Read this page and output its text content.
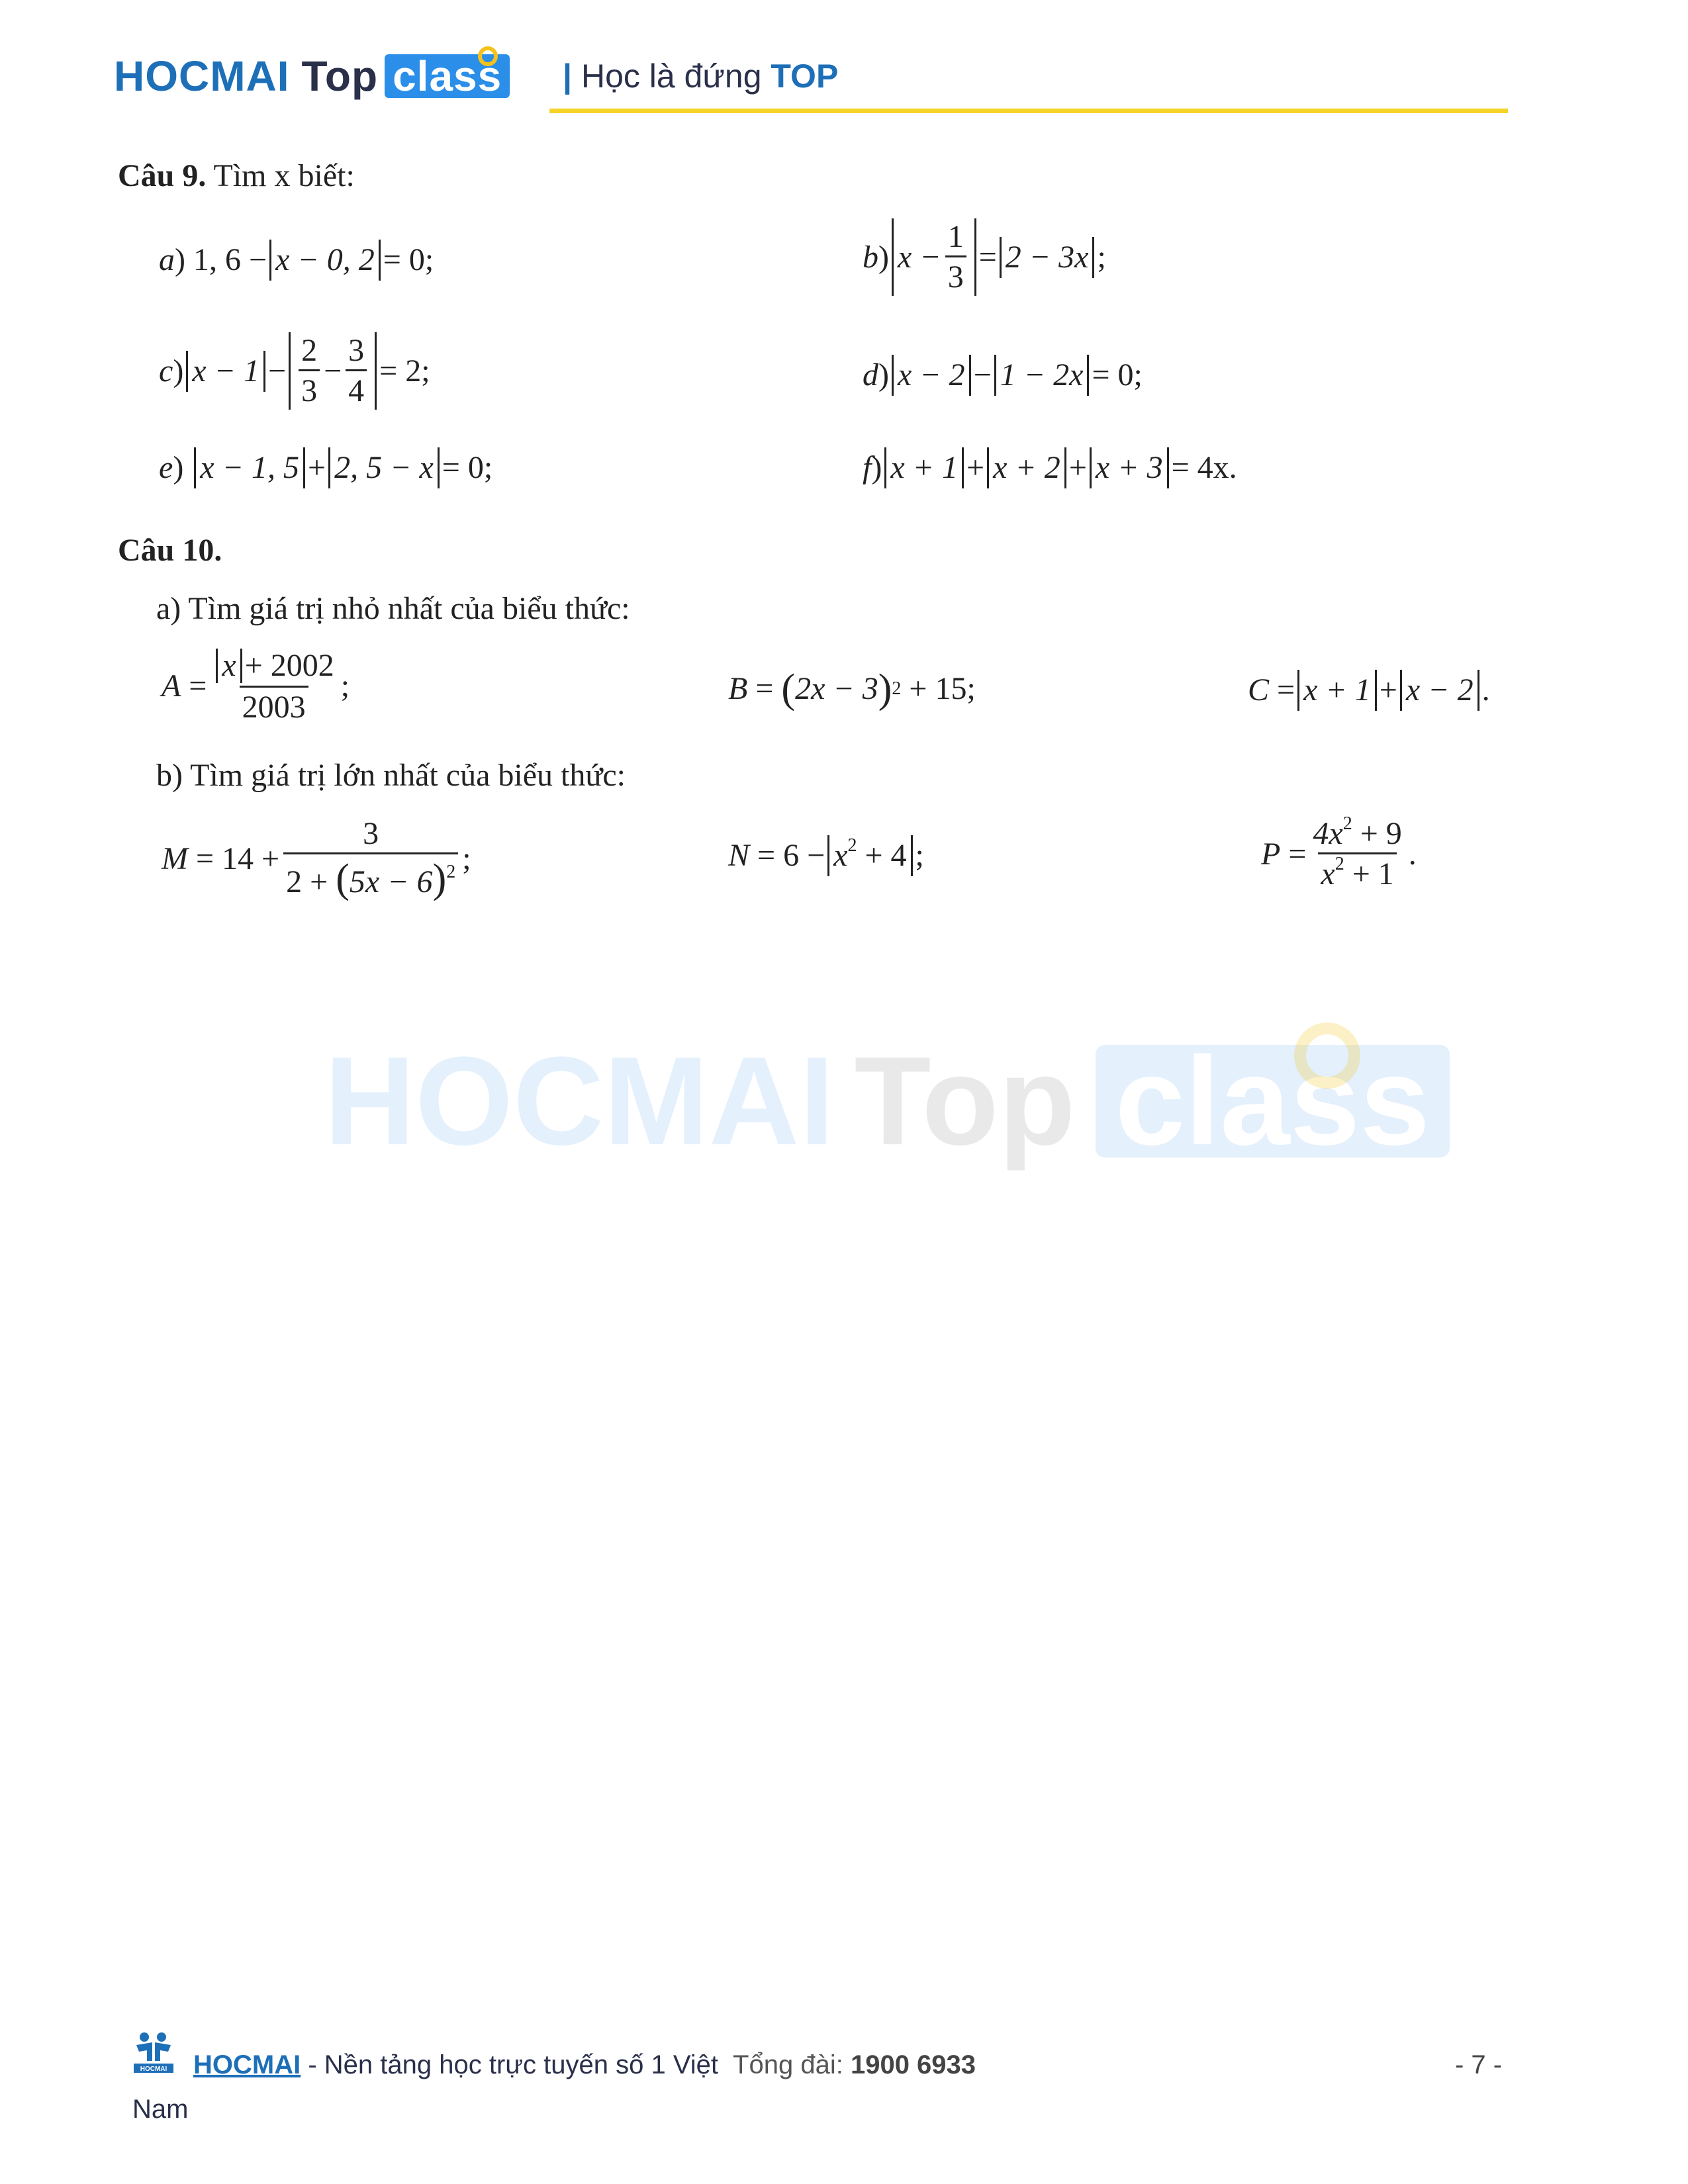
HOCMAI Top class | Học là đứng TOP
HOCMAI Top class
Câu 9. Tìm x biết:
a ) 1, 6 − x − 0, 2 = 0;	b ) $x - \frac{1}{3} = 2 - 3x$ ;
c ) x − 1 −
2
3
− $\frac{3}{4} = 2$;	d ) x − 2 − 1 − 2x = 0;
e ) x − 1, 5 + 2, 5 − x = 0;	f ) x + 1 + x + 2 + x + 3 = 4x.
Câu 10.
a) Tìm giá trị nhỏ nhất của biểu thức:
A
= $\frac{x + 2002}{2003}$ ;	B
=
( 2x − 3 ) 2
+ 15;	C
= x + 1 + x − 2 .
b) Tìm giá trị lớn nhất của biểu thức:
M
= $14 + \frac{3}{2 + (5x - 6)^2}$ ;	N
= $6 - x^2 + 4$ ;	P
= $\frac{4x^2 + 9}{x^2 + 1}$ .
HOCMAI HOCMAI - Nền tảng học trực tuyến số 1 Việt Tổng đài: 1900 6933
Nam
- 7 -
